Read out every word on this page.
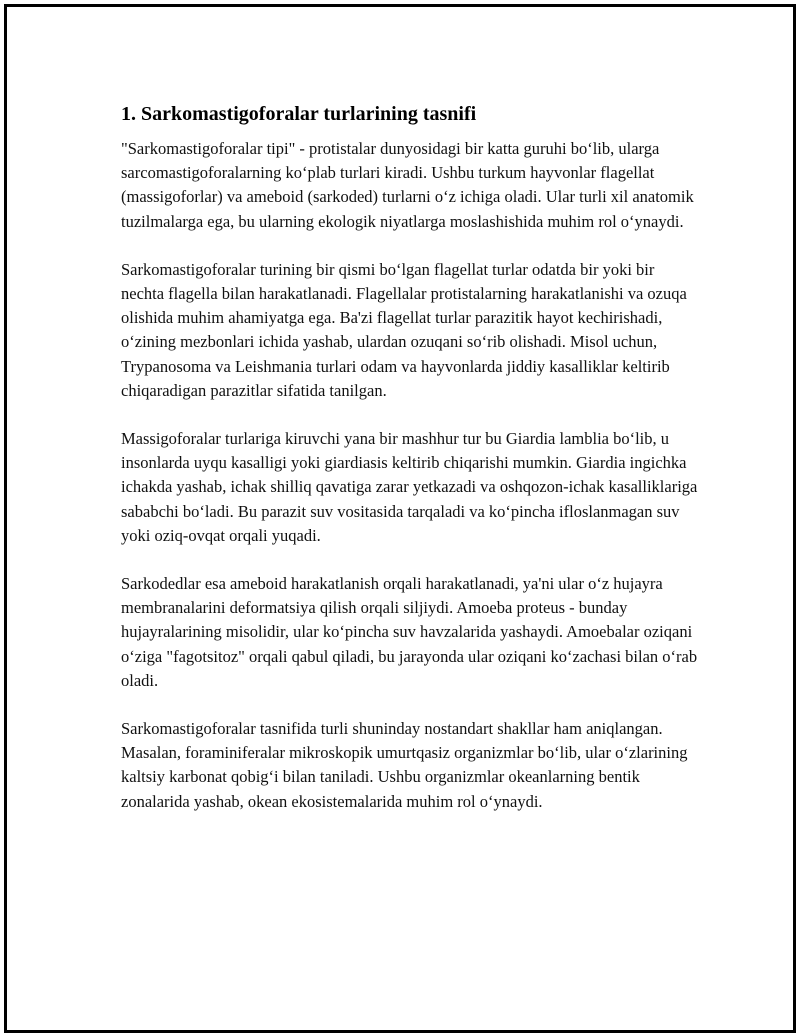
1. Sarkomastigoforalar turlarining tasnifi

"Sarkomastigoforalar tipi" - protistalar dunyosidagi bir katta guruhi bo‘lib, ularga sarcomastigoforalarning ko‘plab turlari kiradi. Ushbu turkum hayvonlar flagellat (massigoforlar) va ameboid (sarkoded) turlarni o‘z ichiga oladi. Ular turli xil anatomik tuzilmalarga ega, bu ularning ekologik niyatlarga moslashishida muhim rol o‘ynaydi.

Sarkomastigoforalar turining bir qismi bo‘lgan flagellat turlar odatda bir yoki bir nechta flagella bilan harakatlanadi. Flagellalar protistalarning harakatlanishi va ozuqa olishida muhim ahamiyatga ega. Ba'zi flagellat turlar parazitik hayot kechirishadi, o‘zining mezbonlari ichida yashab, ulardan ozuqani so‘rib olishadi. Misol uchun, Trypanosoma va Leishmania turlari odam va hayvonlarda jiddiy kasalliklar keltirib chiqaradigan parazitlar sifatida tanilgan.

Massigoforalar turlariga kiruvchi yana bir mashhur tur bu Giardia lamblia bo‘lib, u insonlarda uyqu kasalligi yoki giardiasis keltirib chiqarishi mumkin. Giardia ingichka ichakda yashab, ichak shilliq qavatiga zarar yetkazadi va oshqozon-ichak kasalliklariga sababchi bo‘ladi. Bu parazit suv vositasida tarqaladi va ko‘pincha ifloslanmagan suv yoki oziq-ovqat orqali yuqadi.

Sarkodedlar esa ameboid harakatlanish orqali harakatlanadi, ya'ni ular o‘z hujayra membranalarini deformatsiya qilish orqali siljiydi. Amoeba proteus - bunday hujayralarining misolidir, ular ko‘pincha suv havzalarida yashaydi. Amoebalar oziqani o‘ziga "fagotsitoz" orqali qabul qiladi, bu jarayonda ular oziqani ko‘zachasi bilan o‘rab oladi.

Sarkomastigoforalar tasnifida turli shuninday nostandart shakllar ham aniqlangan. Masalan, foraminiferalar mikroskopik umurtqasiz organizmlar bo‘lib, ular o‘zlarining kaltsiy karbonat qobig‘i bilan taniladi. Ushbu organizmlar okeanlarning bentik zonalarida yashab, okean ekosistemalarida muhim rol o‘ynaydi.
